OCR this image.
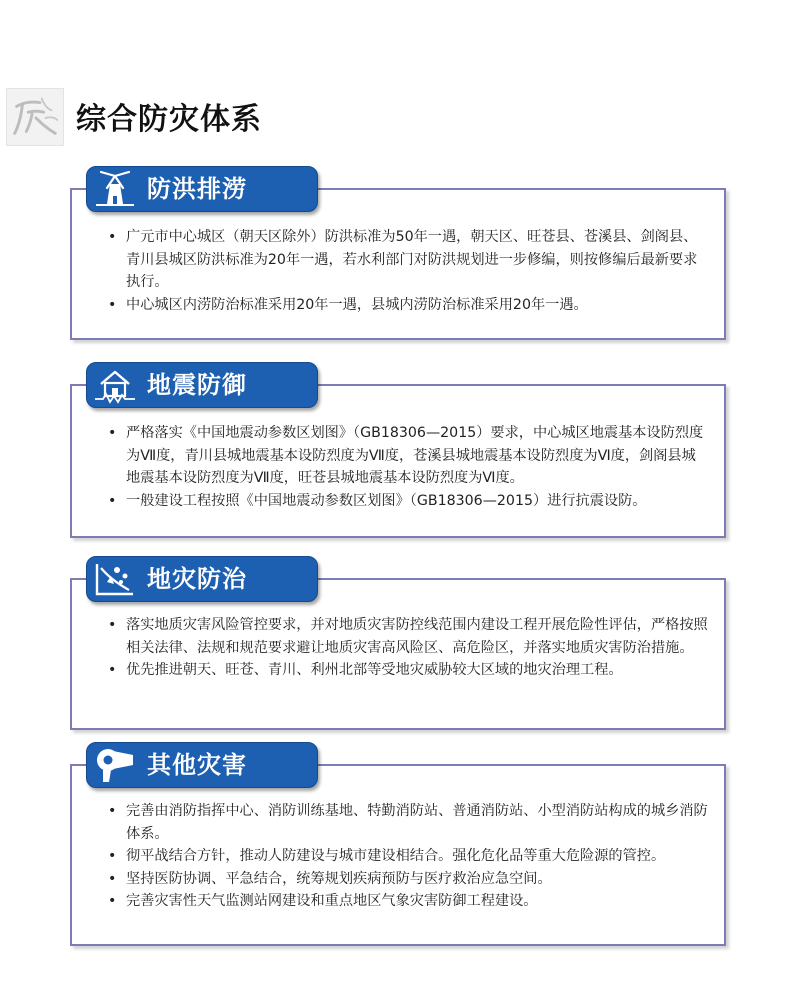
综合防灾体系

• 广元市中心城区（朝天区除外）防洪标准为50年一遇，朝天区、旺苍县、苍溪县、剑阁县、青川县城区防洪标准为20年一遇，若水利部门对防洪规划进一步修编，则按修编后最新要求执行。

• 中心城区内涝防治标准采用20年一遇，县城内涝防治标准采用20年一遇。

防洪排涝

• 严格落实《中国地震动参数区划图》（GB18306—2015）要求，中心城区地震基本设防烈度为Ⅶ度，青川县城地震基本设防烈度为Ⅶ度，苍溪县城地震基本设防烈度为Ⅵ度，剑阁县城地震基本设防烈度为Ⅶ度，旺苍县城地震基本设防烈度为Ⅵ度。

• 一般建设工程按照《中国地震动参数区划图》（GB18306—2015）进行抗震设防。

地震防御

• 落实地质灾害风险管控要求，并对地质灾害防控线范围内建设工程开展危险性评估，严格按照相关法律、法规和规范要求避让地质灾害高风险区、高危险区，并落实地质灾害防治措施。

• 优先推进朝天、旺苍、青川、利州北部等受地灾威胁较大区域的地灾治理工程。

地灾防治

• 完善由消防指挥中心、消防训练基地、特勤消防站、普通消防站、小型消防站构成的城乡消防体系。

• 彻平战结合方针，推动人防建设与城市建设相结合。强化危化品等重大危险源的管控。

• 坚持医防协调、平急结合，统筹规划疾病预防与医疗救治应急空间。

• 完善灾害性天气监测站网建设和重点地区气象灾害防御工程建设。

其他灾害
